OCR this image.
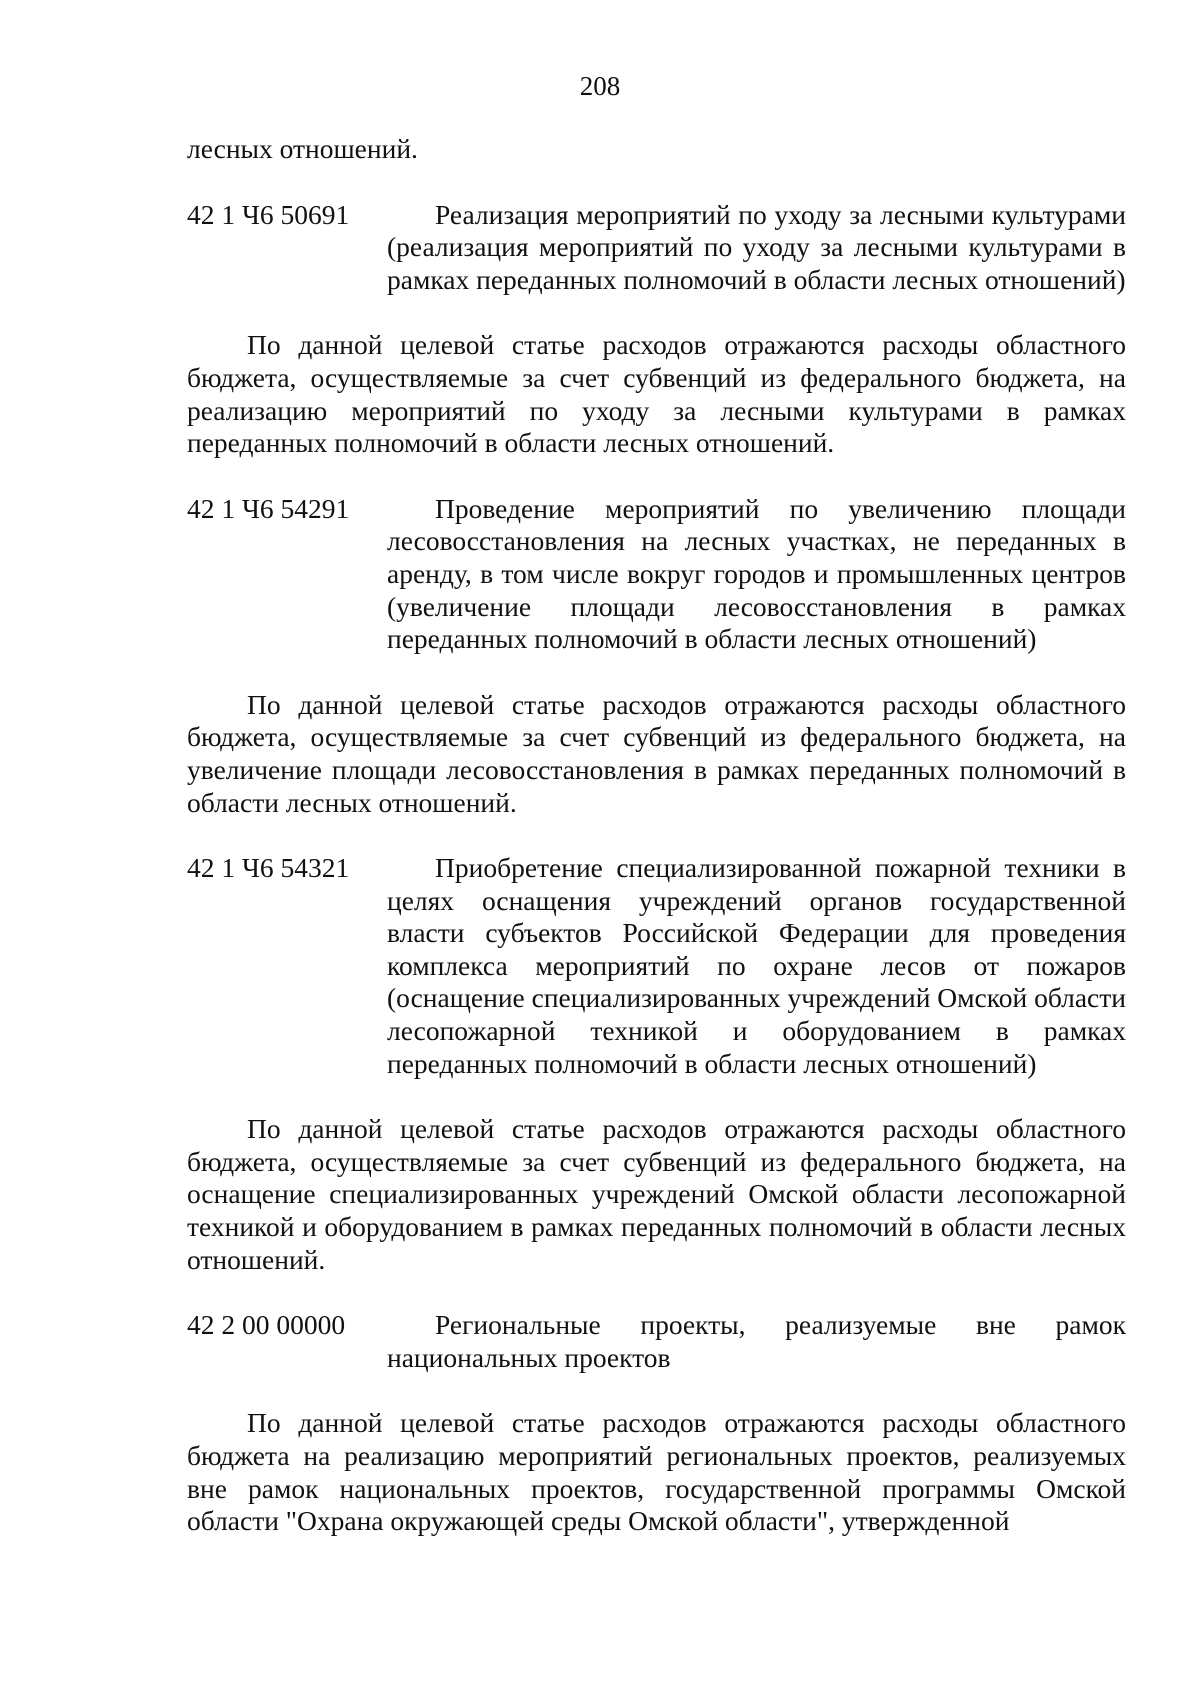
208

лесных отношений.

42 1 Ч6 50691	Реализация мероприятий по уходу за лесными культурами (реализация мероприятий по уходу за лесными культурами в рамках переданных полномочий в области лесных отношений)

По данной целевой статье расходов отражаются расходы областного бюджета, осуществляемые за счет субвенций из федерального бюджета, на реализацию мероприятий по уходу за лесными культурами в рамках переданных полномочий в области лесных отношений.

42 1 Ч6 54291	Проведение мероприятий по увеличению площади лесовосстановления на лесных участках, не переданных в аренду, в том числе вокруг городов и промышленных центров (увеличение площади лесовосстановления в рамках переданных полномочий в области лесных отношений)

По данной целевой статье расходов отражаются расходы областного бюджета, осуществляемые за счет субвенций из федерального бюджета, на увеличение площади лесовосстановления в рамках переданных полномочий в области лесных отношений.

42 1 Ч6 54321	Приобретение специализированной пожарной техники в целях оснащения учреждений органов государственной власти субъектов Российской Федерации для проведения комплекса мероприятий по охране лесов от пожаров (оснащение специализированных учреждений Омской области лесопожарной техникой и оборудованием в рамках переданных полномочий в области лесных отношений)

По данной целевой статье расходов отражаются расходы областного бюджета, осуществляемые за счет субвенций из федерального бюджета, на оснащение специализированных учреждений Омской области лесопожарной техникой и оборудованием в рамках переданных полномочий в области лесных отношений.

42 2 00 00000	Региональные проекты, реализуемые вне рамок национальных проектов

По данной целевой статье расходов отражаются расходы областного бюджета на реализацию мероприятий региональных проектов, реализуемых вне рамок национальных проектов, государственной программы Омской области "Охрана окружающей среды Омской области", утвержденной
